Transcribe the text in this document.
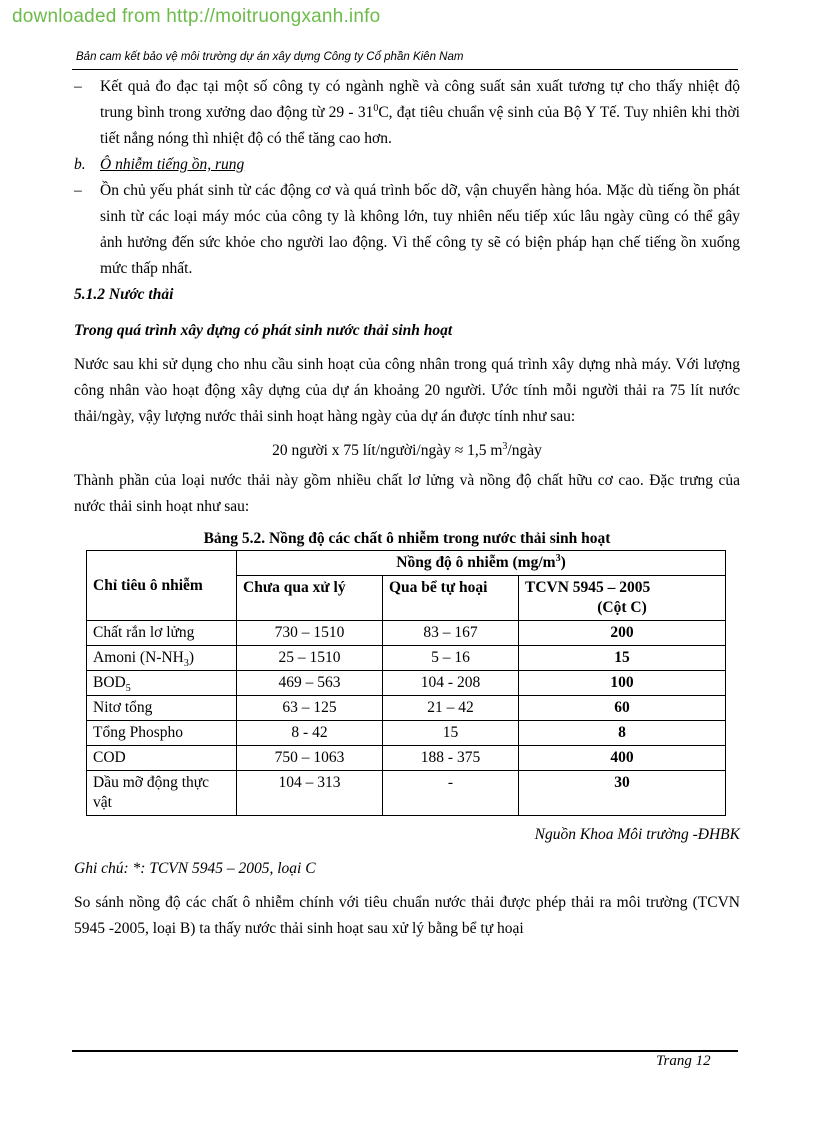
downloaded from http://moitruongxanh.info
Bản cam kết bảo vệ môi trường dự án xây dựng Công ty Cổ phần Kiên Nam
– Kết quả đo đạc tại một số công ty có ngành nghề và công suất sản xuất tương tự cho thấy nhiệt độ trung bình trong xưởng dao động từ $29 - 31^0C$, đạt tiêu chuẩn vệ sinh của Bộ Y Tế. Tuy nhiên khi thời tiết nắng nóng thì nhiệt độ có thể tăng cao hơn.
b. Ô nhiễm tiếng ồn, rung
– Ồn chủ yếu phát sinh từ các động cơ và quá trình bốc dỡ, vận chuyển hàng hóa. Mặc dù tiếng ồn phát sinh từ các loại máy móc của công ty là không lớn, tuy nhiên nếu tiếp xúc lâu ngày cũng có thể gây ảnh hưởng đến sức khỏe cho người lao động. Vì thế công ty sẽ có biện pháp hạn chế tiếng ồn xuống mức thấp nhất.
5.1.2 Nước thải
Trong quá trình xây dựng có phát sinh nước thải sinh hoạt
Nước sau khi sử dụng cho nhu cầu sinh hoạt của công nhân trong quá trình xây dựng nhà máy. Với lượng công nhân vào hoạt động xây dựng của dự án khoảng 20 người. Ước tính mỗi người thải ra 75 lít nước thải/ngày, vậy lượng nước thải sinh hoạt hàng ngày của dự án được tính như sau:
20 người x 75 lít/người/ngày ≈ 1,5 $m^3$/ngày
Thành phần của loại nước thải này gồm nhiều chất lơ lửng và nồng độ chất hữu cơ cao. Đặc trưng của nước thải sinh hoạt như sau:
Bảng 5.2. Nồng độ các chất ô nhiễm trong nước thải sinh hoạt
Chỉ tiêu ô nhiễm	Nồng độ ô nhiễm $(mg/m^3)$		
	Chưa qua xử lý	Qua bể tự hoại	TCVN 5945 – 2005
(Cột C)

Chất rắn lơ lửng	730 – 1510	83 – 167	200
Amoni $(N-NH_3)$	25 – 1510	5 – 16	15
$BOD_5$	469 – 563	104 - 208	100
Nitơ tổng	63 – 125	21 – 42	60
Tổng Phospho	8 - 42	15	8
COD	750 – 1063	188 - 375	400
Dầu mỡ động thực vật	104 – 313	-	30
Nguồn Khoa Môi trường -ĐHBK
Ghi chú: *: TCVN 5945 – 2005, loại C
So sánh nồng độ các chất ô nhiễm chính với tiêu chuẩn nước thải được phép thải ra môi trường (TCVN 5945 -2005, loại B) ta thấy nước thải sinh hoạt sau xử lý bằng bể tự hoại
Trang 12
